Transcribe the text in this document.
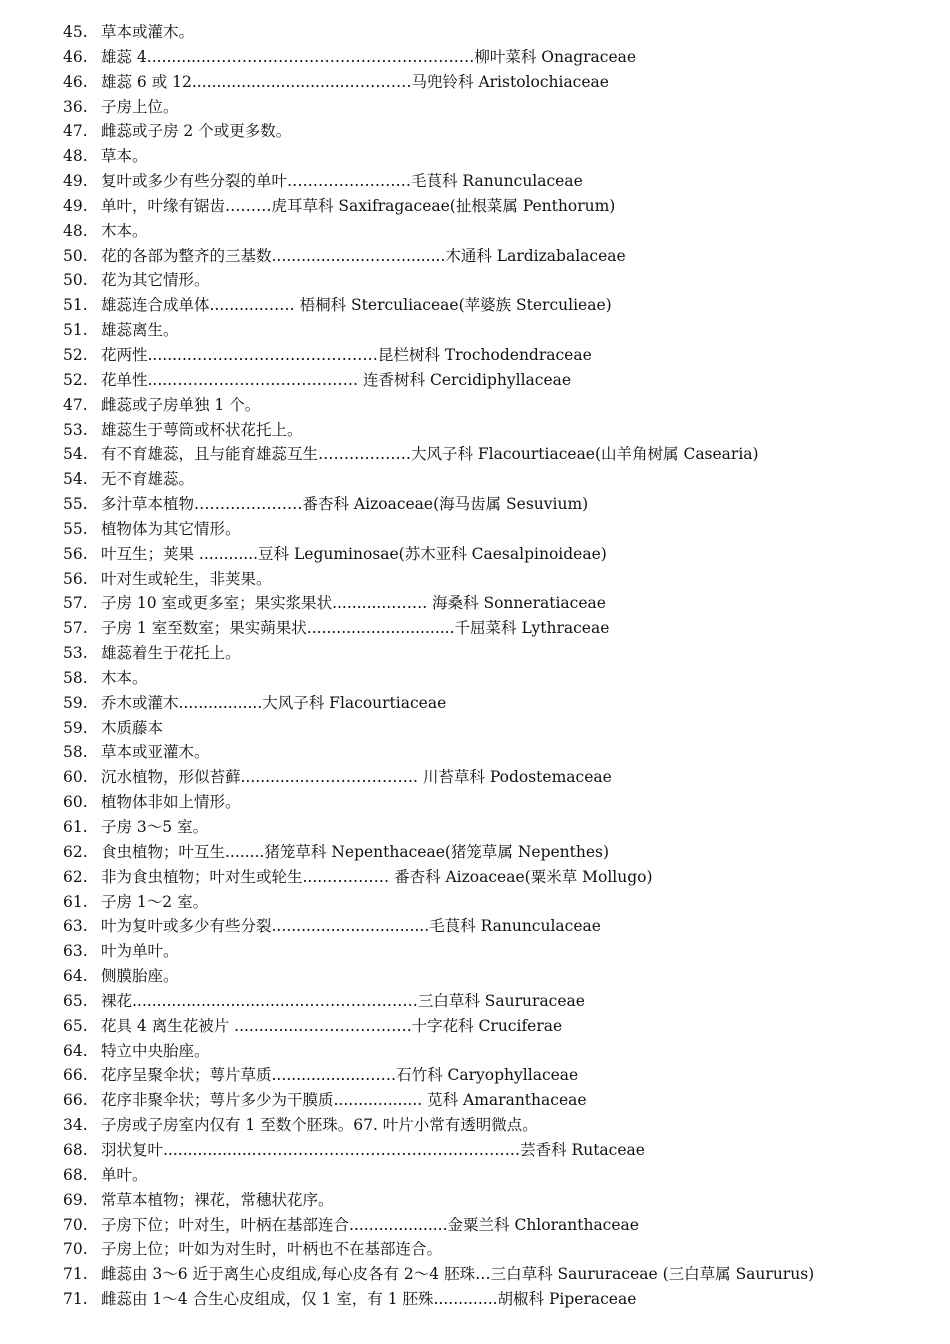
45. 草本或灌木。
46. 雄蕊 4.............……………………………………………柳叶菜科 Onagraceae
46. 雄蕊 6 或 12................................…………马兜铃科 Aristolochiaceae
36. 子房上位。
47. 雌蕊或子房 2 个或更多数。
48. 草本。
49. 复叶或多少有些分裂的单叶……………………毛茛科 Ranunculaceae
49. 单叶，叶缘有锯齿………虎耳草科 Saxifragaceae(扯根菜属 Penthorum)
48. 木本。
50. 花的各部为整齐的三基数....................…….........木通科 Lardizabalaceae
50. 花为其它情形。
51. 雄蕊连合成单体...........…… 梧桐科 Sterculiaceae(苹婆族 Sterculieae)
51. 雄蕊离生。
52. 花两性.........………………………………昆栏树科 Trochodendraceae
52. 花单性.....……………………………… 连香树科 Cercidiphyllaceae
47. 雌蕊或子房单独 1 个。
53. 雄蕊生于萼筒或杯状花托上。
54. 有不育雄蕊，且与能育雄蕊互生………………大风子科 Flacourtiaceae(山羊角树属 Casearia)
54. 无不育雄蕊。
55. 多汁草本植物…………………番杏科 Aizoaceae(海马齿属 Sesuvium)
55. 植物体为其它情形。
56. 叶互生；荚果 ............豆科 Leguminosae(苏木亚科 Caesalpinoideae)
56. 叶对生或轮生，非荚果。
57. 子房 10 室或更多室；果实浆果状............……. 海桑科 Sonneratiaceae
57. 子房 1 室至数室；果实蒴果状..............................千屈菜科 Lythraceae
53. 雄蕊着生于花托上。
58. 木本。
59. 乔木或灌木.................大风子科 Flacourtiaceae
59. 木质藤本
58. 草本或亚灌木。
60. 沉水植物，形似苔藓.............…………………. 川苔草科 Podostemaceae
60. 植物体非如上情形。
61. 子房 3～5 室。
62. 食虫植物；叶互生........猪笼草科 Nepenthaceae(猪笼草属 Nepenthes)
62. 非为食虫植物；叶对生或轮生.....………… 番杏科 Aizoaceae(粟米草 Mollugo)
61. 子房 1～2 室。
63. 叶为复叶或多少有些分裂................................毛茛科 Ranunculaceae
63. 叶为单叶。
64. 侧膜胎座。
65. 裸花....................................…………………三白草科 Saururaceae
65. 花具 4 离生花被片 .............………………….十字花科 Cruciferae
64. 特立中央胎座。
66. 花序呈聚伞状；萼片草质...................……石竹科 Caryophyllaceae
66. 花序非聚伞状；萼片多少为干膜质.................. 苋科 Amaranthaceae
34. 子房或子房室内仅有 1 至数个胚珠。67. 叶片小常有透明微点。
68. 羽状复叶...................……………………………………………芸香科 Rutaceae
68. 单叶。
69. 常草本植物；裸花，常穗状花序。
70. 子房下位；叶对生，叶柄在基部连合....................金粟兰科 Chloranthaceae
70. 子房上位；叶如为对生时，叶柄也不在基部连合。
71. 雌蕊由 3～6 近于离生心皮组成,每心皮各有 2～4 胚珠…三白草科 Saururaceae (三白草属 Saururus)
71. 雌蕊由 1～4 合生心皮组成，仅 1 室，有 1 胚殊.............胡椒科 Piperaceae
